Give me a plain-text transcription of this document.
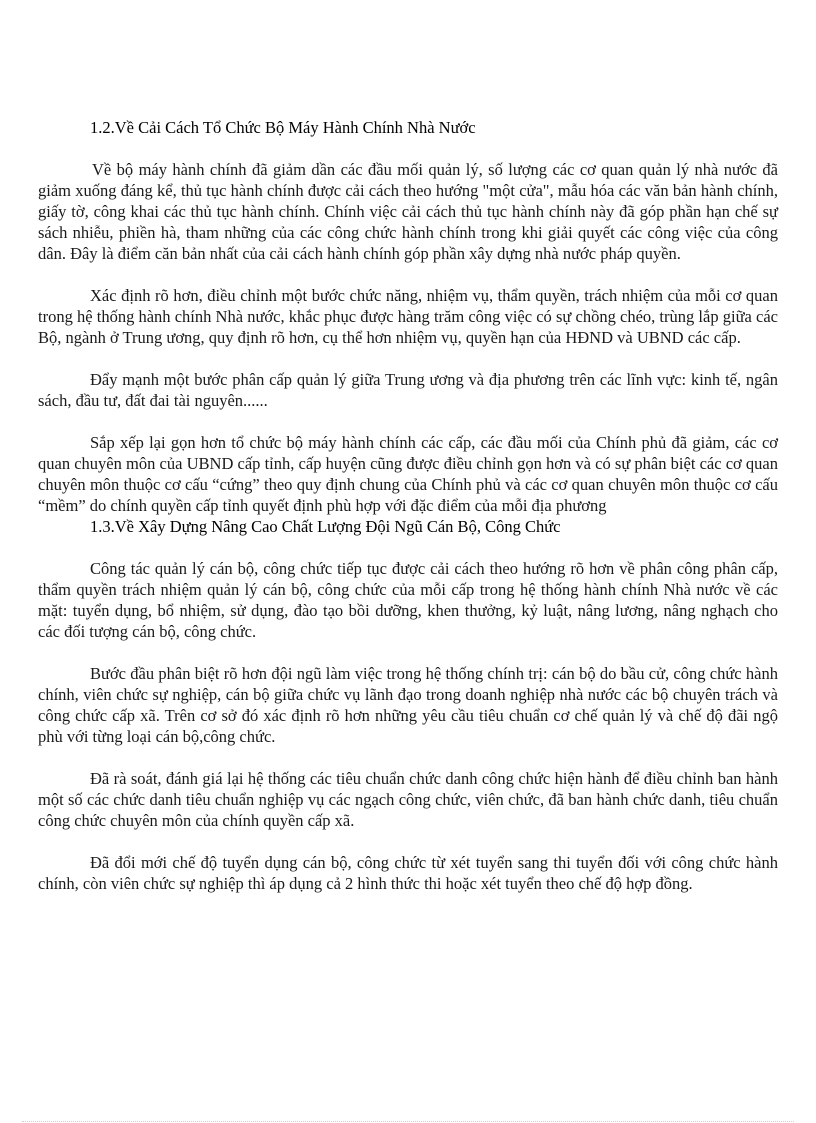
1.2.Về Cải Cách Tổ Chức Bộ Máy Hành Chính Nhà Nước

Về bộ máy hành chính đã giảm dần các đầu mối quản lý, số lượng các cơ quan quản lý nhà nước đã giảm xuống đáng kể, thủ tục hành chính được cải cách theo hướng "một cửa", mẫu hóa các văn bản hành chính, giấy tờ, công khai các thủ tục hành chính. Chính việc cải cách thủ tục hành chính này đã góp phần hạn chế sự sách nhiễu, phiền hà, tham những của các công chức hành chính trong khi giải quyết các công việc của công dân. Đây là điểm căn bản nhất của cải cách hành chính góp phần xây dựng nhà nước pháp quyền.

Xác định rõ hơn, điều chỉnh một bước chức năng, nhiệm vụ, thẩm quyền, trách nhiệm của mỗi cơ quan trong hệ thống hành chính Nhà nước, khắc phục được hàng trăm công việc có sự chồng chéo, trùng lắp giữa các Bộ, ngành ở Trung ương, quy định rõ hơn, cụ thể hơn nhiệm vụ, quyền hạn của HĐND và UBND các cấp.

Đẩy mạnh một bước phân cấp quản lý giữa Trung ương và địa phương trên các lĩnh vực: kinh tế, ngân sách, đầu tư, đất đai tài nguyên......

Sắp xếp lại gọn hơn tổ chức bộ máy hành chính các cấp, các đầu mối của Chính phủ đã giảm, các cơ quan chuyên môn của UBND cấp tỉnh, cấp huyện cũng được điều chỉnh gọn hơn và có sự phân biệt các cơ quan chuyên môn thuộc cơ cấu “cứng” theo quy định chung của Chính phủ và các cơ quan chuyên môn thuộc cơ cấu “mềm” do chính quyền cấp tỉnh quyết định phù hợp với đặc điểm của mỗi địa phương

1.3.Về Xây Dựng Nâng Cao Chất Lượng Đội Ngũ Cán Bộ, Công Chức

Công tác quản lý cán bộ, công chức tiếp tục được cải cách theo hướng rõ hơn về phân công phân cấp, thẩm quyền trách nhiệm quản lý cán bộ, công chức của mỗi cấp trong hệ thống hành chính Nhà nước về các mặt: tuyển dụng, bổ nhiệm, sử dụng, đào tạo bồi dưỡng, khen thưởng, kỷ luật, nâng lương, nâng nghạch cho các đối tượng cán bộ, công chức.

Bước đầu phân biệt rõ hơn đội ngũ làm việc trong hệ thống chính trị: cán bộ do bầu cử, công chức hành chính, viên chức sự nghiệp, cán bộ giữa chức vụ lãnh đạo trong doanh nghiệp nhà nước các bộ chuyên trách và công chức cấp xã. Trên cơ sở đó xác định rõ hơn những yêu cầu tiêu chuẩn cơ chế quản lý và chế độ đãi ngộ phù với từng loại cán bộ,công chức.

Đã rà soát, đánh giá lại hệ thống các tiêu chuẩn chức danh công chức hiện hành để điều chỉnh ban hành một số các chức danh tiêu chuẩn nghiệp vụ các ngạch công chức, viên chức, đã ban hành chức danh, tiêu chuẩn công chức chuyên môn của chính quyền cấp xã.

Đã đổi mới chế độ tuyển dụng cán bộ, công chức từ xét tuyển sang thi tuyển đối với công chức hành chính, còn viên chức sự nghiệp thì áp dụng cả 2 hình thức thi hoặc xét tuyển theo chế độ hợp đồng.
